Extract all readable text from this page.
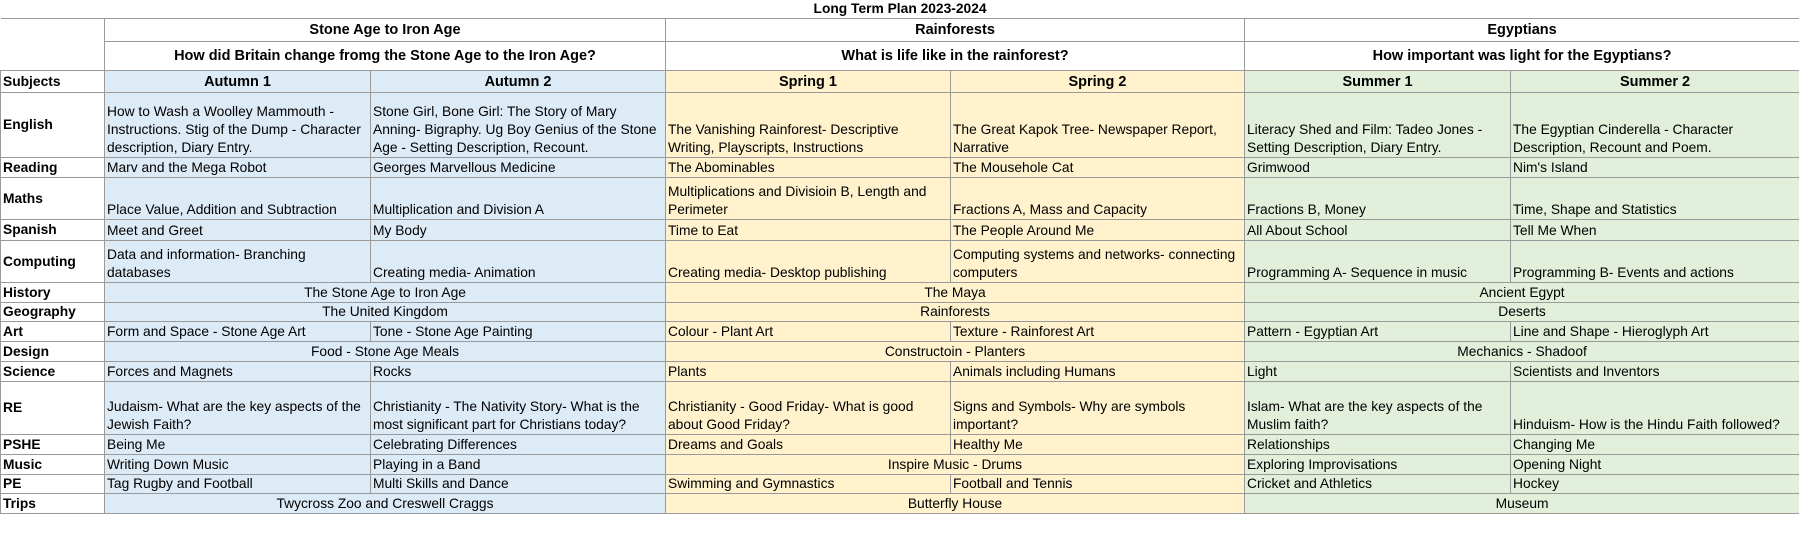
Long Term Plan 2023-2024						
	Stone Age to Iron Age		Rainforests		Egyptians	
	How did Britain change fromg the Stone Age to the Iron Age?		What is life like in the rainforest?		How important was light for the Egyptians?	
Subjects	Autumn 1	Autumn 2	Spring 1	Spring 2	Summer 1	Summer 2
English	How to Wash a Woolley Mammouth - Instructions. Stig of the Dump - Character description, Diary Entry.	Stone Girl, Bone Girl: The Story of Mary Anning- Bigraphy. Ug Boy Genius of the Stone Age - Setting Description, Recount.	The Vanishing Rainforest- Descriptive Writing, Playscripts, Instructions	The Great Kapok Tree- Newspaper Report, Narrative	Literacy Shed and Film: Tadeo Jones - Setting Description, Diary Entry.	The Egyptian Cinderella - Character Description, Recount and Poem.
Reading	Marv and the Mega Robot	Georges Marvellous Medicine	The Abominables	The Mousehole Cat	Grimwood	Nim's Island
Maths	Place Value, Addition and Subtraction	Multiplication and Division A	Multiplications and Divisioin B, Length and Perimeter	Fractions A, Mass and Capacity	Fractions B, Money	Time, Shape and Statistics
Spanish	Meet and Greet	My Body	Time to Eat	The People Around Me	All About School	Tell Me When
Computing	Data and information- Branching databases	Creating media- Animation	Creating media- Desktop publishing	Computing systems and networks- connecting computers	Programming A- Sequence in music	Programming B- Events and actions
History	The Stone Age to Iron Age		The Maya		Ancient Egypt	
Geography	The United Kingdom		Rainforests		Deserts	
Art	Form and Space - Stone Age Art	Tone - Stone Age Painting	Colour - Plant Art	Texture - Rainforest Art	Pattern - Egyptian Art	Line and Shape - Hieroglyph Art
Design	Food - Stone Age Meals		Constructoin - Planters		Mechanics - Shadoof	
Science	Forces and Magnets	Rocks	Plants	Animals including Humans	Light	Scientists and Inventors
RE	Judaism- What are the key aspects of the Jewish Faith?	Christianity - The Nativity Story- What is the most significant part for Christians today?	Christianity - Good Friday- What is good about Good Friday?	Signs and Symbols- Why are symbols important?	Islam- What are the key aspects of the Muslim faith?	Hinduism- How is the Hindu Faith followed?
PSHE	Being Me	Celebrating Differences	Dreams and Goals	Healthy Me	Relationships	Changing Me
Music	Writing Down Music	Playing in a Band	Inspire Music - Drums		Exploring Improvisations	Opening Night
PE	Tag Rugby and Football	Multi Skills and Dance	Swimming and Gymnastics	Football and Tennis	Cricket and Athletics	Hockey
Trips	Twycross Zoo and Creswell Craggs		Butterfly House		Museum	
